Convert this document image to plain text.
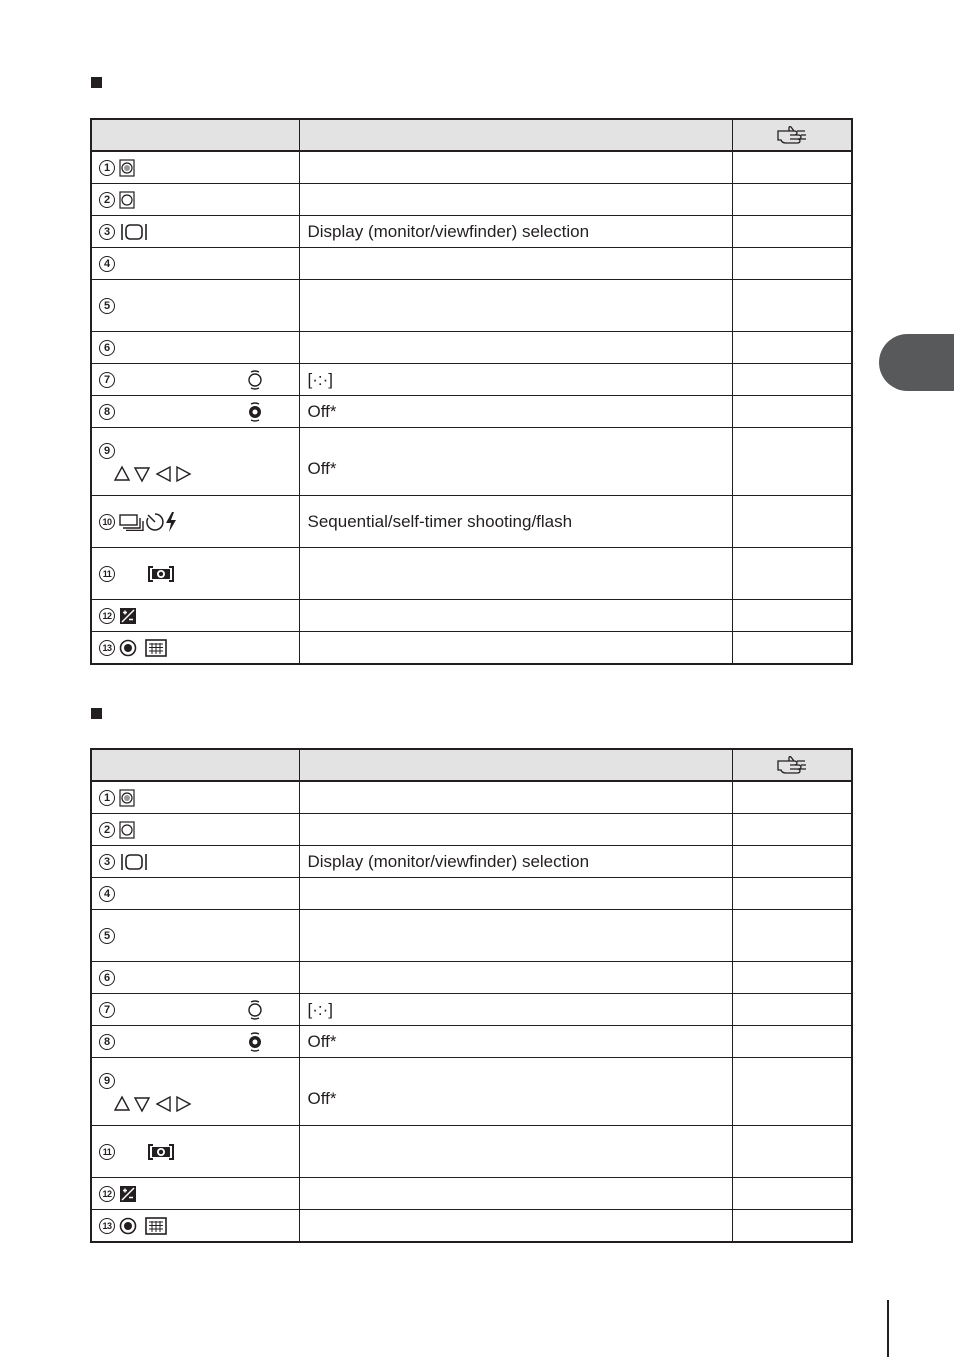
1

2

3	Display (monitor/viewfinder) selection	
4		
5		
6		
7	[·:·]	
8	Off*	
9	Off*	
10	Sequential/self-timer shooting/flash	
11

12

13

1

2

3	Display (monitor/viewfinder) selection	
4		
5		
6		
7	[·:·]	
8	Off*	
9	Off*	
11

12

13
